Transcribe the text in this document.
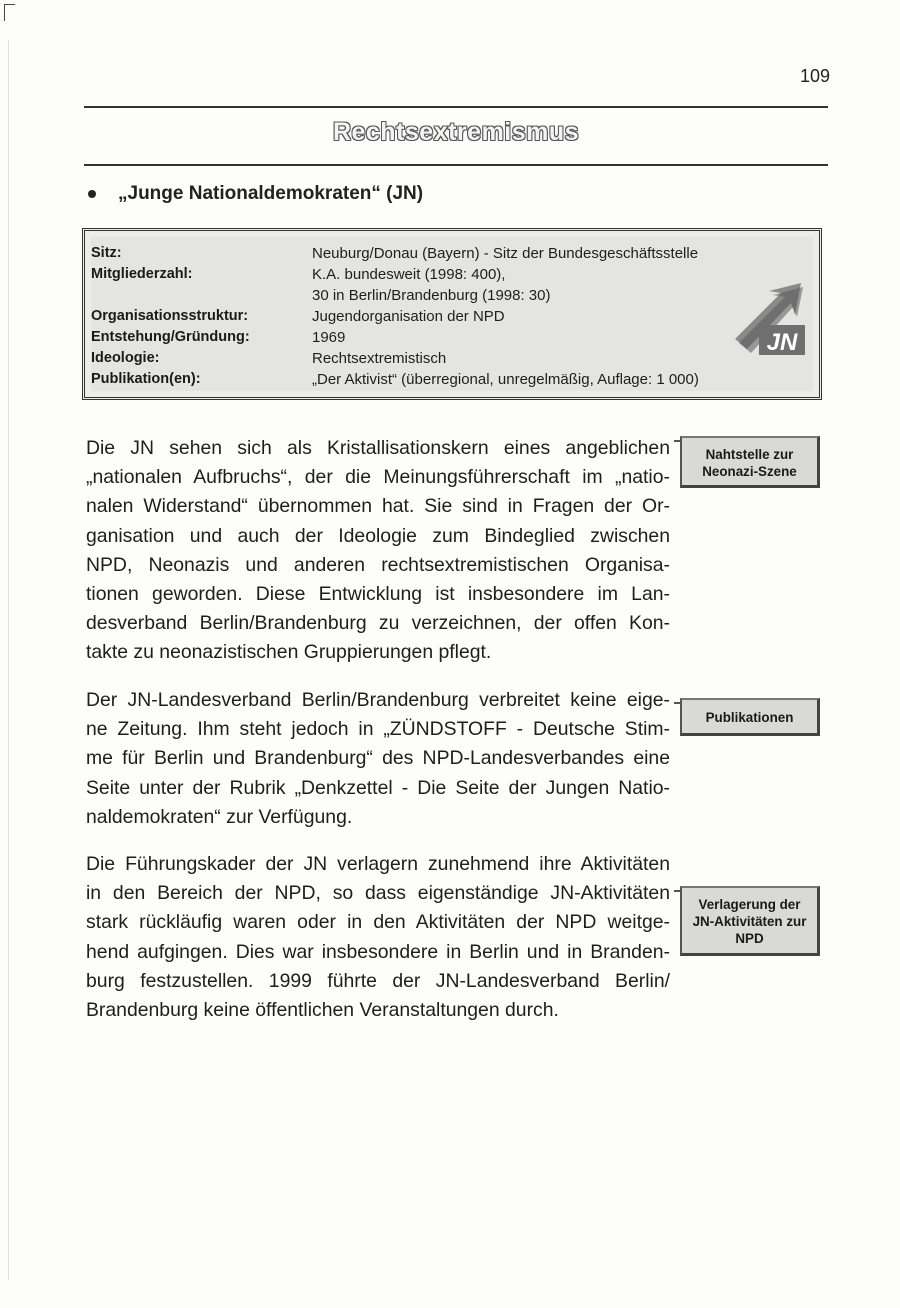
109
Rechtsextremismus
„Junge Nationaldemokraten“ (JN)
Sitz:	Neuburg/Donau (Bayern) - Sitz der Bundesgeschäftsstelle
Mitgliederzahl:	K.A. bundesweit (1998: 400),
30 in Berlin/Brandenburg (1998: 30)
Organisationsstruktur:	Jugendorganisation der NPD
Entstehung/Gründung:	1969
Ideologie:	Rechtsextremistisch
Publikation(en):	„Der Aktivist“ (überregional, unregelmäßig, Auflage: 1 000)
JN
Die JN sehen sich als Kristallisationskern eines angeblichen
„nationalen Aufbruchs“, der die Meinungsführerschaft im „natio-
nalen Widerstand“ übernommen hat. Sie sind in Fragen der Or-
ganisation und auch der Ideologie zum Bindeglied zwischen
NPD, Neonazis und anderen rechtsextremistischen Organisa-
tionen geworden. Diese Entwicklung ist insbesondere im Lan-
desverband Berlin/Brandenburg zu verzeichnen, der offen Kon-
takte zu neonazistischen Gruppierungen pflegt.
Der JN-Landesverband Berlin/Brandenburg verbreitet keine eige-
ne Zeitung. Ihm steht jedoch in „ZÜNDSTOFF - Deutsche Stim-
me für Berlin und Brandenburg“ des NPD-Landesverbandes eine
Seite unter der Rubrik „Denkzettel - Die Seite der Jungen Natio-
naldemokraten“ zur Verfügung.
Die Führungskader der JN verlagern zunehmend ihre Aktivitäten
in den Bereich der NPD, so dass eigenständige JN-Aktivitäten
stark rückläufig waren oder in den Aktivitäten der NPD weitge-
hend aufgingen. Dies war insbesondere in Berlin und in Branden-
burg festzustellen. 1999 führte der JN-Landesverband Berlin/
Brandenburg keine öffentlichen Veranstaltungen durch.
Nahtstelle zur
Neonazi-Szene
Publikationen
Verlagerung der
JN-Aktivitäten zur
NPD
